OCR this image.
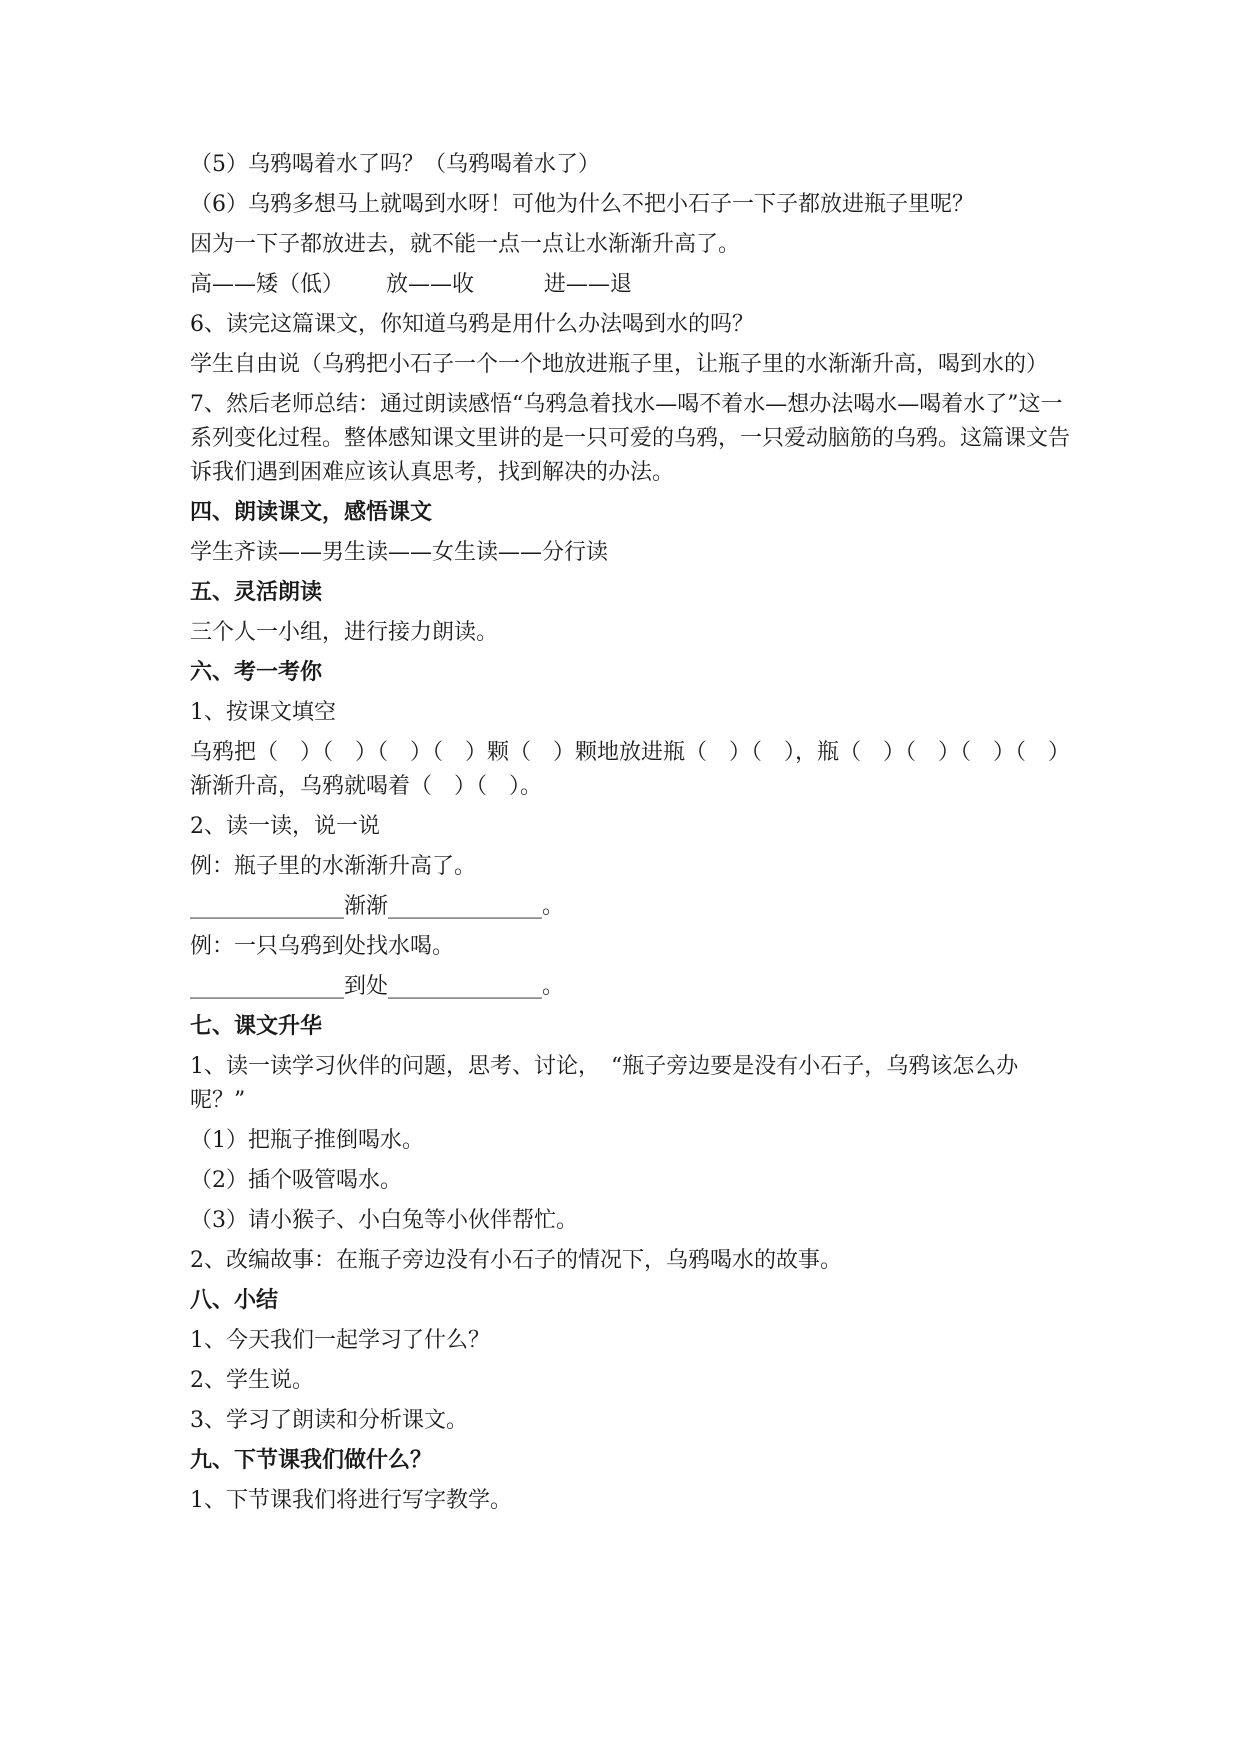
（5）乌鸦喝着水了吗？（乌鸦喝着水了）

（6）乌鸦多想马上就喝到水呀！可他为什么不把小石子一下子都放进瓶子里呢？

因为一下子都放进去，就不能一点一点让水渐渐升高了。

高——矮（低）      放——收          进——退

6、读完这篇课文，你知道乌鸦是用什么办法喝到水的吗？

学生自由说（乌鸦把小石子一个一个地放进瓶子里，让瓶子里的水渐渐升高，喝到水的）

7、然后老师总结：通过朗读感悟“乌鸦急着找水—喝不着水—想办法喝水—喝着水了”这一系列变化过程。整体感知课文里讲的是一只可爱的乌鸦，一只爱动脑筋的乌鸦。这篇课文告诉我们遇到困难应该认真思考，找到解决的办法。

四、朗读课文，感悟课文

学生齐读——男生读——女生读——分行读

五、灵活朗读

三个人一小组，进行接力朗读。

六、考一考你

1、按课文填空

乌鸦把（　）（　）（　）（　）颗（　）颗地放进瓶（　）（　），瓶（　）（　）（　）（　）渐渐升高，乌鸦就喝着（　）（　）。

2、读一读，说一说

例：瓶子里的水渐渐升高了。

______________渐渐______________。

例：一只乌鸦到处找水喝。

______________到处______________。

七、课文升华

1、读一读学习伙伴的问题，思考、讨论，　“瓶子旁边要是没有小石子，乌鸦该怎么办呢？”

（1）把瓶子推倒喝水。

（2）插个吸管喝水。

（3）请小猴子、小白兔等小伙伴帮忙。

2、改编故事：在瓶子旁边没有小石子的情况下，乌鸦喝水的故事。

八、小结

1、今天我们一起学习了什么？

2、学生说。

3、学习了朗读和分析课文。

九、下节课我们做什么？

1、下节课我们将进行写字教学。
